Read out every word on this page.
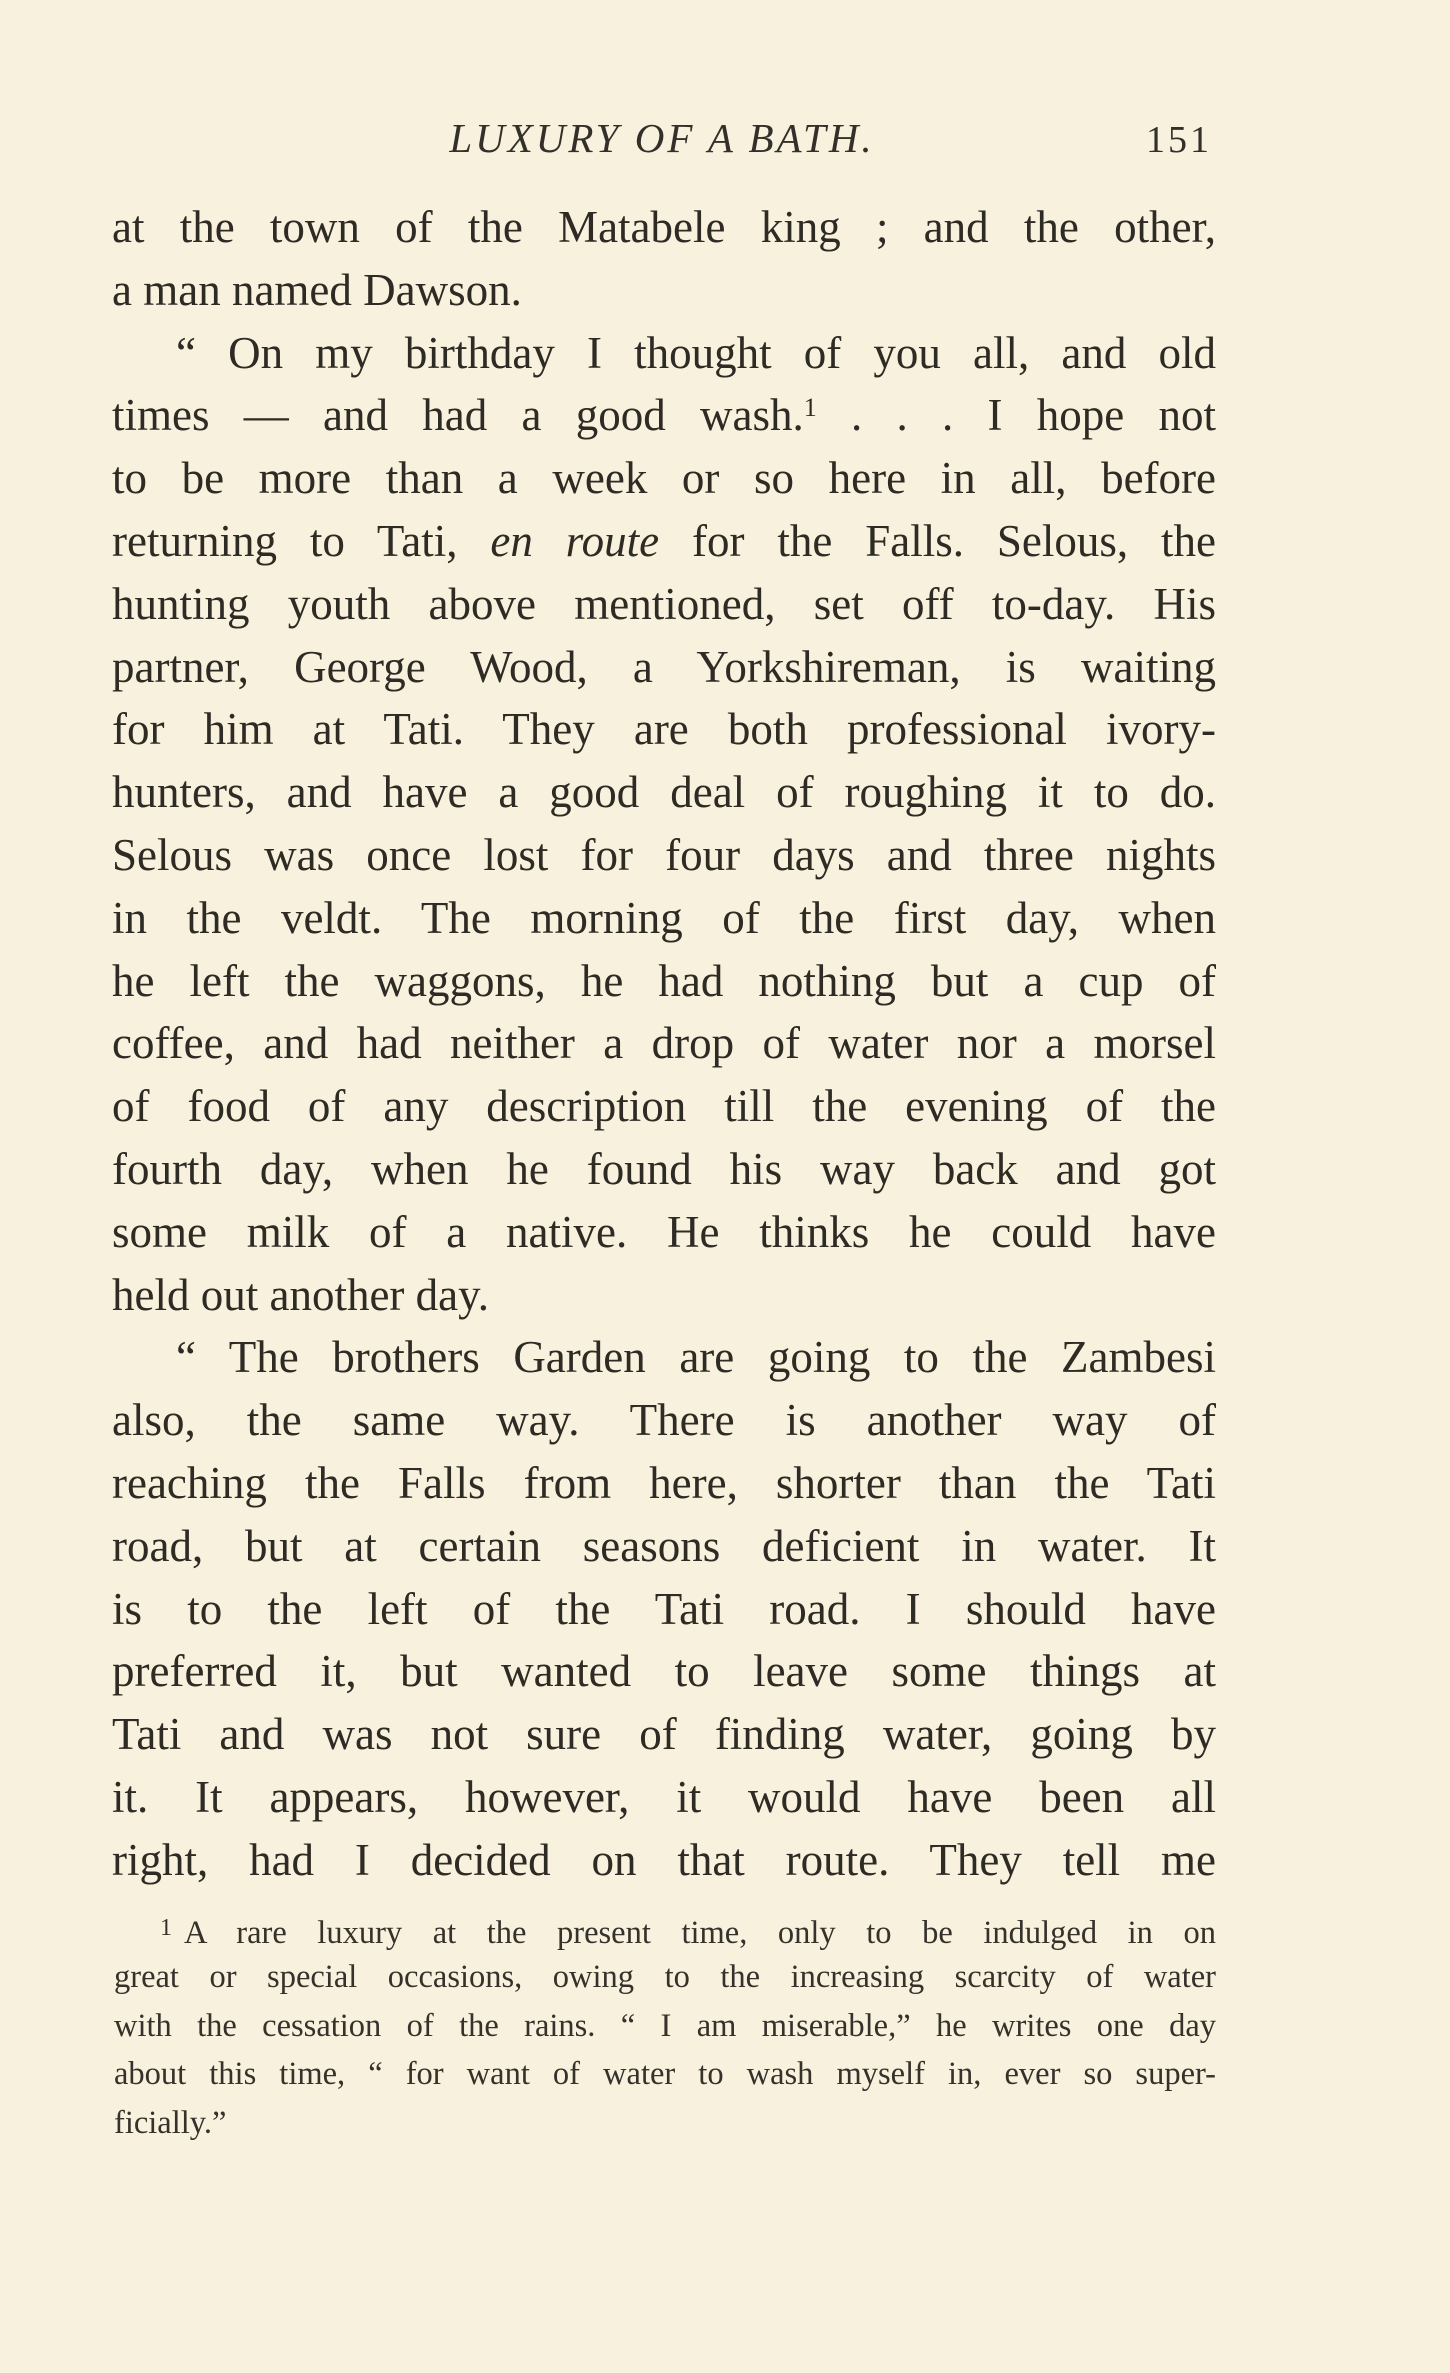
LUXURY OF A BATH.	151
at the town of the Matabele king ; and the other,
a man named Dawson.
“ On my birthday I thought of you all, and old
times — and had a good wash.$^1$ . . . I hope not
to be more than a week or so here in all, before
returning to Tati, en route for the Falls. Selous, the
hunting youth above mentioned, set off to-day. His
partner, George Wood, a Yorkshireman, is waiting
for him at Tati. They are both professional ivory-
hunters, and have a good deal of roughing it to do.
Selous was once lost for four days and three nights
in the veldt. The morning of the first day, when
he left the waggons, he had nothing but a cup of
coffee, and had neither a drop of water nor a morsel
of food of any description till the evening of the
fourth day, when he found his way back and got
some milk of a native. He thinks he could have
held out another day.
“ The brothers Garden are going to the Zambesi
also, the same way. There is another way of
reaching the Falls from here, shorter than the Tati
road, but at certain seasons deficient in water. It
is to the left of the Tati road. I should have
preferred it, but wanted to leave some things at
Tati and was not sure of finding water, going by
it. It appears, however, it would have been all
right, had I decided on that route. They tell me
$^1$ A rare luxury at the present time, only to be indulged in on
great or special occasions, owing to the increasing scarcity of water
with the cessation of the rains. “ I am miserable,” he writes one day
about this time, “ for want of water to wash myself in, ever so super-
ficially.”
